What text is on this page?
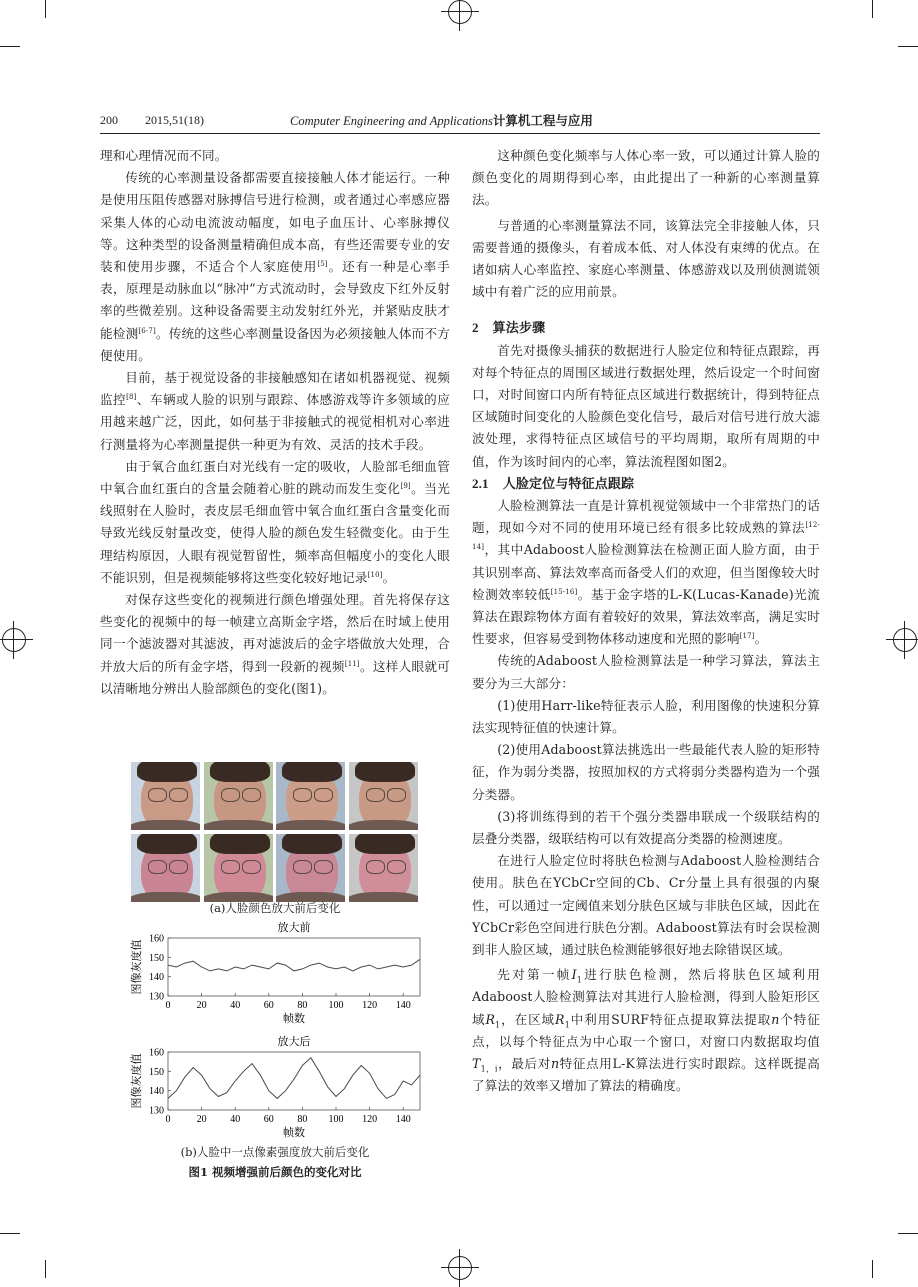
200 2015,51(18)	Computer Engineering and Applications计算机工程与应用

理和心理情况而不同。

传统的心率测量设备都需要直接接触人体才能运行。一种是使用压阻传感器对脉搏信号进行检测，或者通过心率感应器采集人体的心动电流波动幅度，如电子血压计、心率脉搏仪等。这种类型的设备测量精确但成本高，有些还需要专业的安装和使用步骤，不适合个人家庭使用[5]。还有一种是心率手表，原理是动脉血以“脉冲”方式流动时，会导致皮下红外反射率的些微差别。这种设备需要主动发射红外光，并紧贴皮肤才能检测[6-7]。传统的这些心率测量设备因为必须接触人体而不方便使用。

目前，基于视觉设备的非接触感知在诸如机器视觉、视频监控[8]、车辆或人脸的识别与跟踪、体感游戏等许多领域的应用越来越广泛，因此，如何基于非接触式的视觉相机对心率进行测量将为心率测量提供一种更为有效、灵活的技术手段。

由于氧合血红蛋白对光线有一定的吸收，人脸部毛细血管中氧合血红蛋白的含量会随着心脏的跳动而发生变化[9]。当光线照射在人脸时，表皮层毛细血管中氧合血红蛋白含量变化而导致光线反射量改变，使得人脸的颜色发生轻微变化。由于生理结构原因，人眼有视觉暂留性，频率高但幅度小的变化人眼不能识别，但是视频能够将这些变化较好地记录[10]。

对保存这些变化的视频进行颜色增强处理。首先将保存这些变化的视频中的每一帧建立高斯金字塔，然后在时域上使用同一个滤波器对其滤波，再对滤波后的金字塔做放大处理，合并放大后的所有金字塔，得到一段新的视频[11]。这样人眼就可以清晰地分辨出人脸部颜色的变化(图1)。

(a)人脸颜色放大前后变化
放大前
0	20 40 60 80 100 120 140
130
140
150
160
帧数
图像灰度值
放大后
0	20 40 60 80 100 120 140
130
140
150
160
帧数
图像灰度值
(b)人脸中一点像素强度放大前后变化
图1 视频增强前后颜色的变化对比

这种颜色变化频率与人体心率一致，可以通过计算人脸的颜色变化的周期得到心率，由此提出了一种新的心率测量算法。

与普通的心率测量算法不同，该算法完全非接触人体，只需要普通的摄像头，有着成本低、对人体没有束缚的优点。在诸如病人心率监控、家庭心率测量、体感游戏以及刑侦测谎领域中有着广泛的应用前景。

2 算法步骤

首先对摄像头捕获的数据进行人脸定位和特征点跟踪，再对每个特征点的周围区域进行数据处理，然后设定一个时间窗口，对时间窗口内所有特征点区域进行数据统计，得到特征点区域随时间变化的人脸颜色变化信号，最后对信号进行放大滤波处理，求得特征点区域信号的平均周期，取所有周期的中值，作为该时间内的心率，算法流程图如图2。

2.1 人脸定位与特征点跟踪

人脸检测算法一直是计算机视觉领域中一个非常热门的话题，现如今对不同的使用环境已经有很多比较成熟的算法[12-14]，其中Adaboost人脸检测算法在检测正面人脸方面，由于其识别率高、算法效率高而备受人们的欢迎，但当图像较大时检测效率较低[15-16]。基于金字塔的L-K(Lucas-Kanade)光流算法在跟踪物体方面有着较好的效果，算法效率高，满足实时性要求，但容易受到物体移动速度和光照的影响[17]。

传统的Adaboost人脸检测算法是一种学习算法，算法主要分为三大部分：

(1)使用Harr-like特征表示人脸，利用图像的快速积分算法实现特征值的快速计算。

(2)使用Adaboost算法挑选出一些最能代表人脸的矩形特征，作为弱分类器，按照加权的方式将弱分类器构造为一个强分类器。

(3)将训练得到的若干个强分类器串联成一个级联结构的层叠分类器，级联结构可以有效提高分类器的检测速度。

在进行人脸定位时将肤色检测与Adaboost人脸检测结合使用。肤色在YCbCr空间的Cb、Cr分量上具有很强的内聚性，可以通过一定阈值来划分肤色区域与非肤色区域，因此在YCbCr彩色空间进行肤色分割。Adaboost算法有时会误检测到非人脸区域，通过肤色检测能够很好地去除错误区域。

先对第一帧$I_1$进行肤色检测，然后将肤色区域利用Adaboost人脸检测算法对其进行人脸检测，得到人脸矩形区域$R_1$，在区域$R_1$中利用SURF特征点提取算法提取n个特征点，以每个特征点为中心取一个窗口，对窗口内数据取均值$T_{1,i}$，最后对n特征点用L-K算法进行实时跟踪。这样既提高了算法的效率又增加了算法的精确度。
